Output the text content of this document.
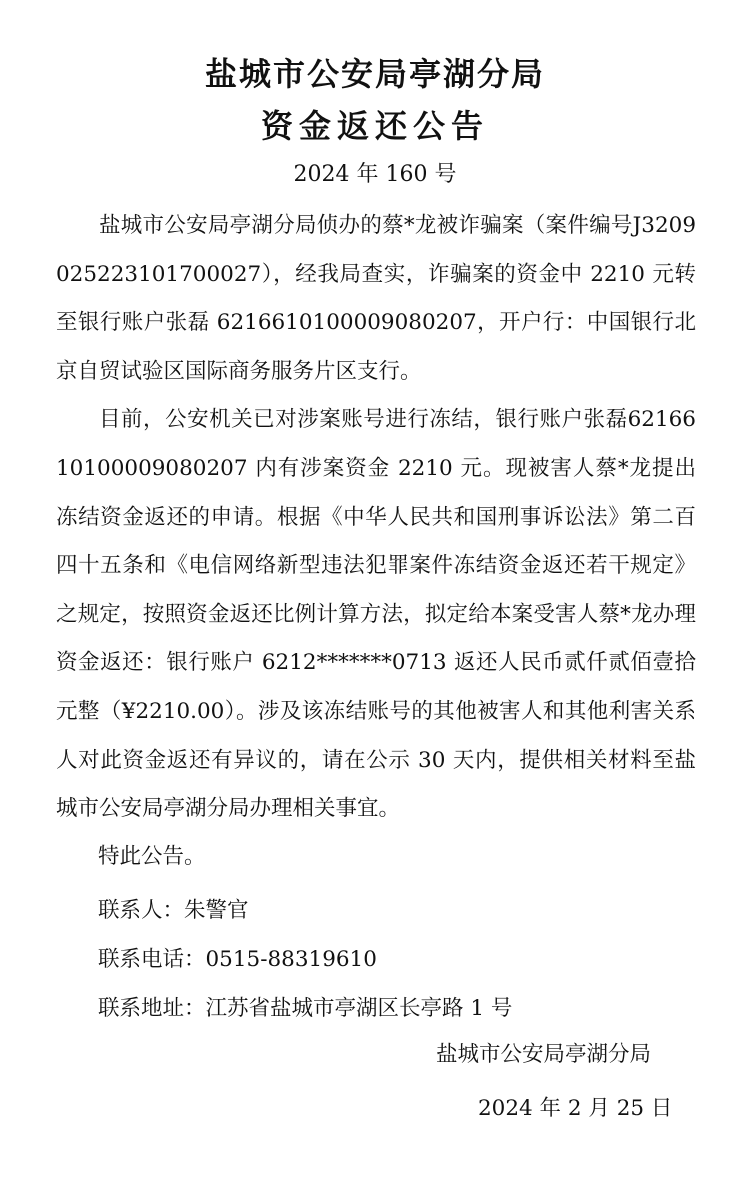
盐城市公安局亭湖分局
资金返还公告
2024 年 160 号

盐城市公安局亭湖分局侦办的蔡*龙被诈骗案（案件编号J320902522310170002​7），经我局查实，诈骗案的资金中 2210 元转至银行账户张磊 6216610100009080207，开户行：中国银行北京自贸试验区国际商务服务片区支行。

目前，公安机关已对涉案账号进行冻结，银行账户张磊6216610100009080207 内有涉案资金 2210 元。现被害人蔡*龙提出冻结资金返还的申请。根据《中华人民共和国刑事诉讼法》第二百四十五条和《电信网络新型违法犯罪案件冻结资金返还若干规定》之规定，按照资金返还比例计算方法，拟定给本案受害人蔡*龙办理资金返还：银行账户 6212*******0713 返还人民币贰仟贰佰壹拾元整（¥2210.00）。涉及该冻结账号的其他被害人和其他利害关系人对此资金返还有异议的，请在公示 30 天内，提供相关材料至盐城市公安局亭湖分局办理相关事宜。

特此公告。
联系人：朱警官
联系电话：0515-88319610
联系地址：江苏省盐城市亭湖区长亭路 1 号
盐城市公安局亭湖分局
2024 年 2 月 25 日
